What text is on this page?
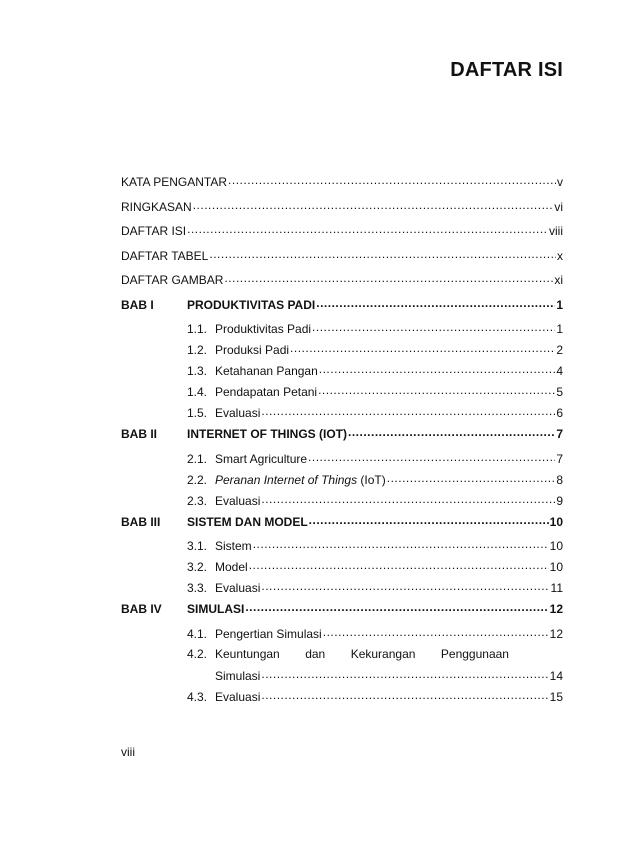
DAFTAR ISI
KATA PENGANTAR .....	v
RINGKASAN .....	vi
DAFTAR ISI .....	viii
DAFTAR TABEL .....	x
DAFTAR GAMBAR .....	xi
BAB I	PRODUKTIVITAS PADI .....	1
1.1. Produktivitas Padi .....	1
1.2. Produksi Padi .....	2
1.3. Ketahanan Pangan .....	4
1.4. Pendapatan Petani .....	5
1.5. Evaluasi .....	6
BAB II	INTERNET OF THINGS (IOT) .....	7
2.1. Smart Agriculture .....	7
2.2. Peranan Internet of Things (IoT) .....	8
2.3. Evaluasi .....	9
BAB III	SISTEM DAN MODEL .....	10
3.1. Sistem .....	10
3.2. Model .....	10
3.3. Evaluasi .....	11
BAB IV	SIMULASI .....	12
4.1. Pengertian Simulasi .....	12
4.2. Keuntungan dan Kekurangan Penggunaan
Simulasi .....	14
4.3. Evaluasi .....	15
viii
